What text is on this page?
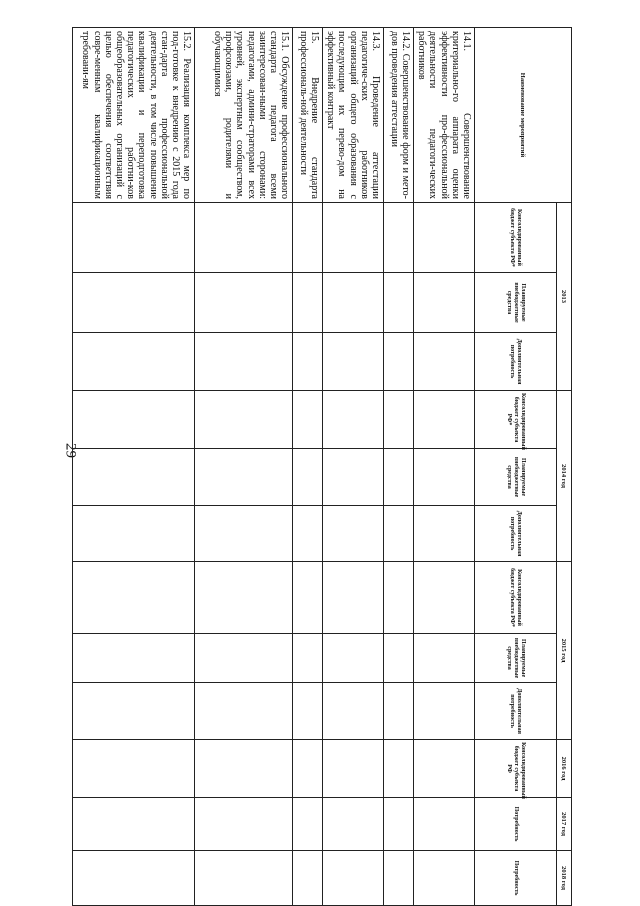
29
Наименование мероприятий	2013			2014 год			2015 год			2016 год	2017 год	2018 год
	Консолидированный бюджет субъекта РФ*	Планируемые внебюджетные средства	Дополнительная потребность	Консолидированный бюджет субъекта РФ*	Планируемые внебюджетные средства	Дополнительная потребность	Консолидированный бюджет субъекта РФ*	Планируемые внебюджетные средства	Дополнительная потребность	Консолидированный бюджет субъекта РФ	Потребность	Потребность
14.1. Совершенствование критериально-го аппарата оценки эффективности про-фессиональной деятельности педагоги-ческих работников												
14.2. Совершенствование форм и мето-дов проведения аттестации												
14.3. Проведение аттестации педагогиче-ских работников организаций общего образования с последующим их перево-дом на эффективный контракт												
15. Внедрение стандарта профессиональ-ной деятельности												
15.1. Обсуждение профессионального стандарта педагога всеми заинтересован-ными сторонами: педагогами, админи-страторами всех уровней, экспертным сообществом, профсоюзами, родителями и обучающимися												
15.2. Реализация комплекса мер по под-готовке к внедрению с 2015 года стан-дарта профессиональной деятельности, в том числе повышение квалификации и переподготовка педагогических работни-ков общеобразовательных организаций с целью обеспечения соответствия совре-менным квалификационным требовани-ям												
